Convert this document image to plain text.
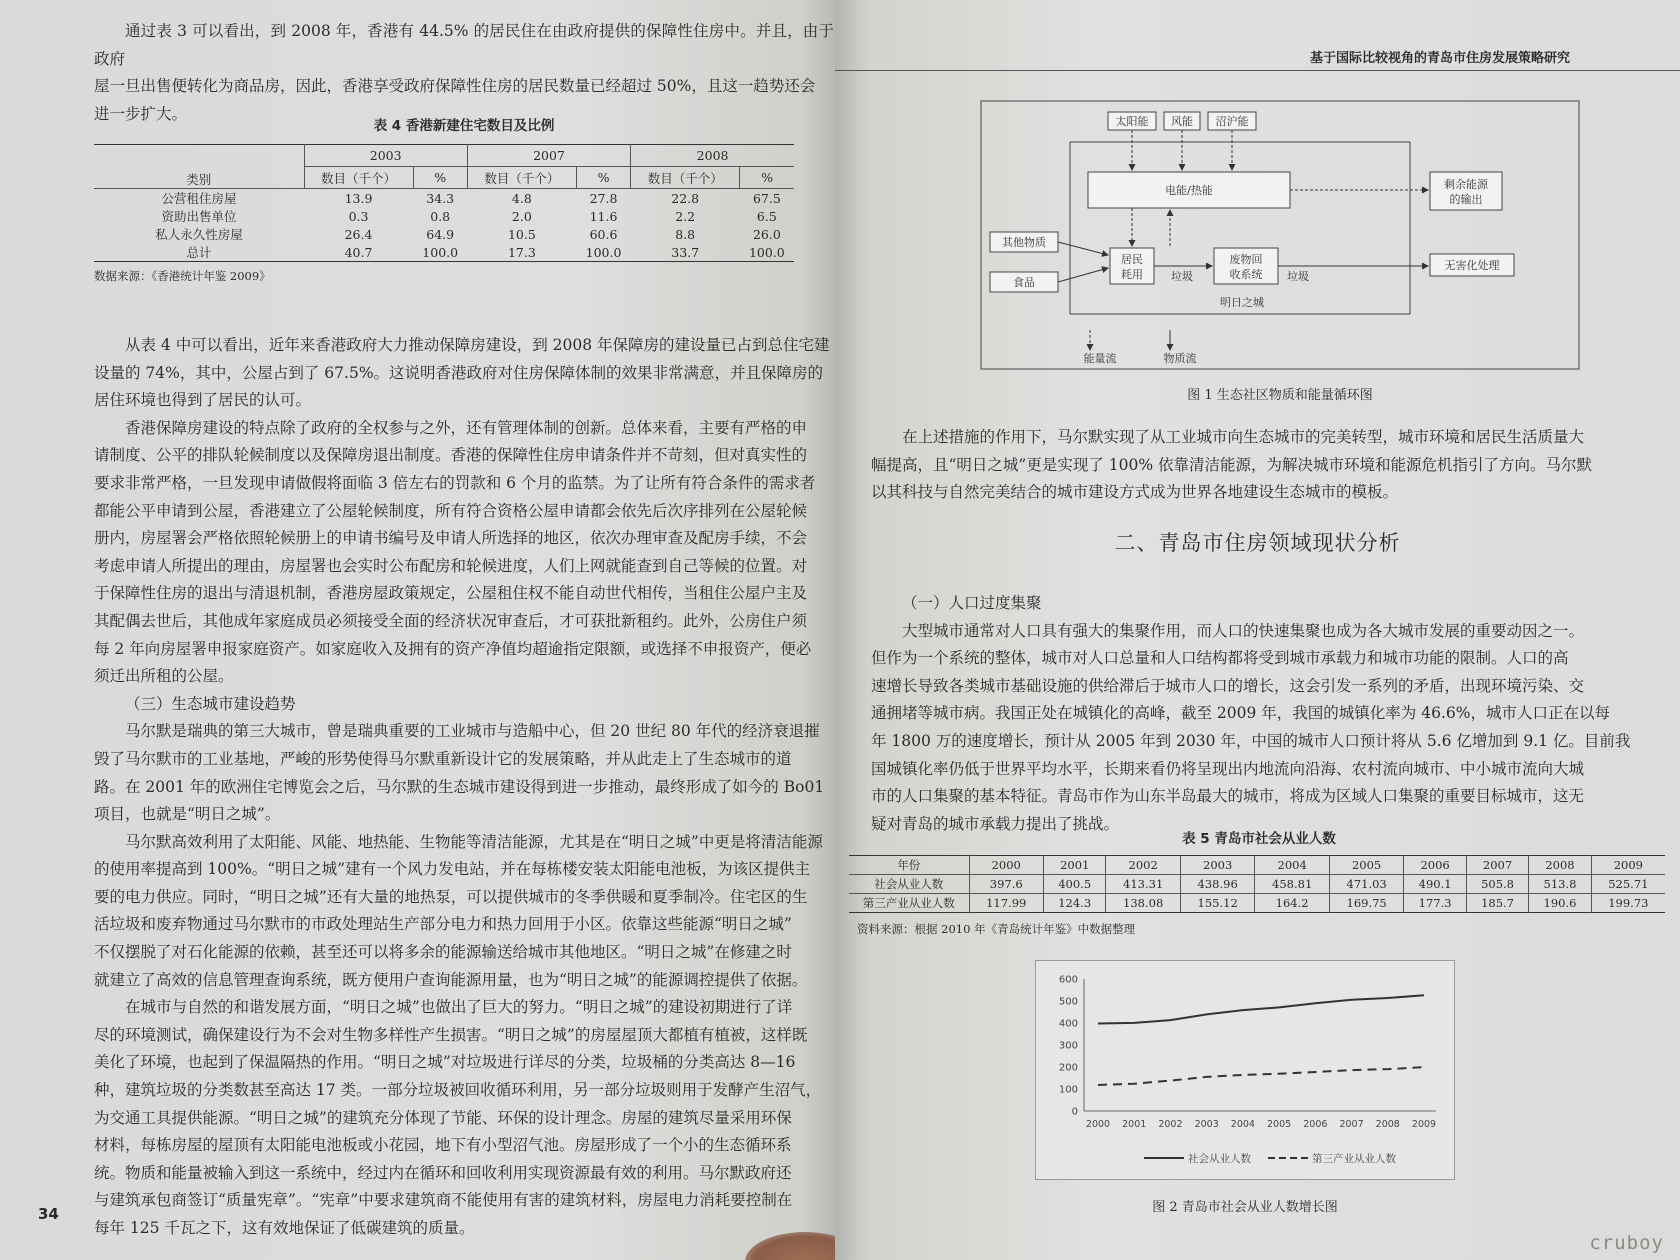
通过表 3 可以看出，到 2008 年，香港有 44.5% 的居民住在由政府提供的保障性住房中。并且，由于政府

屋一旦出售便转化为商品房，因此，香港享受政府保障性住房的居民数量已经超过 50%，且这一趋势还会

进一步扩大。

表 4 香港新建住宅数目及比例
类别	2003		2007		2008	
	数目（千个）	%	数目（千个）	%	数目（千个）	%
公营租住房屋	13.9	34.3	4.8	27.8	22.8	67.5
资助出售单位	0.3	0.8	2.0	11.6	2.2	6.5
私人永久性房屋	26.4	64.9	10.5	60.6	8.8	26.0
总计	40.7	100.0	17.3	100.0	33.7	100.0
数据来源：《香港统计年鉴 2009》

从表 4 中可以看出，近年来香港政府大力推动保障房建设，到 2008 年保障房的建设量已占到总住宅建

设量的 74%，其中，公屋占到了 67.5%。这说明香港政府对住房保障体制的效果非常满意，并且保障房的

居住环境也得到了居民的认可。

香港保障房建设的特点除了政府的全权参与之外，还有管理体制的创新。总体来看，主要有严格的申

请制度、公平的排队轮候制度以及保障房退出制度。香港的保障性住房申请条件并不苛刻，但对真实性的

要求非常严格，一旦发现申请做假将面临 3 倍左右的罚款和 6 个月的监禁。为了让所有符合条件的需求者

都能公平申请到公屋，香港建立了公屋轮候制度，所有符合资格公屋申请都会依先后次序排列在公屋轮候

册内，房屋署会严格依照轮候册上的申请书编号及申请人所选择的地区，依次办理审查及配房手续，不会

考虑申请人所提出的理由，房屋署也会实时公布配房和轮候进度，人们上网就能查到自己等候的位置。对

于保障性住房的退出与清退机制，香港房屋政策规定，公屋租住权不能自动世代相传，当租住公屋户主及

其配偶去世后，其他成年家庭成员必须接受全面的经济状况审查后，才可获批新租约。此外，公房住户须

每 2 年向房屋署申报家庭资产。如家庭收入及拥有的资产净值均超逾指定限额，或选择不申报资产，便必

须迁出所租的公屋。

（三）生态城市建设趋势

马尔默是瑞典的第三大城市，曾是瑞典重要的工业城市与造船中心，但 20 世纪 80 年代的经济衰退摧

毁了马尔默市的工业基地，严峻的形势使得马尔默重新设计它的发展策略，并从此走上了生态城市的道

路。在 2001 年的欧洲住宅博览会之后，马尔默的生态城市建设得到进一步推动，最终形成了如今的 Bo01

项目，也就是“明日之城”。

马尔默高效利用了太阳能、风能、地热能、生物能等清洁能源，尤其是在“明日之城”中更是将清洁能源

的使用率提高到 100%。“明日之城”建有一个风力发电站，并在每栋楼安装太阳能电池板，为该区提供主

要的电力供应。同时，“明日之城”还有大量的地热泵，可以提供城市的冬季供暖和夏季制冷。住宅区的生

活垃圾和废弃物通过马尔默市的市政处理站生产部分电力和热力回用于小区。依靠这些能源“明日之城”

不仅摆脱了对石化能源的依赖，甚至还可以将多余的能源输送给城市其他地区。“明日之城”在修建之时

就建立了高效的信息管理查询系统，既方便用户查询能源用量，也为“明日之城”的能源调控提供了依据。

在城市与自然的和谐发展方面，“明日之城”也做出了巨大的努力。“明日之城”的建设初期进行了详

尽的环境测试，确保建设行为不会对生物多样性产生损害。“明日之城”的房屋屋顶大都植有植被，这样既

美化了环境，也起到了保温隔热的作用。“明日之城”对垃圾进行详尽的分类，垃圾桶的分类高达 8—16

种，建筑垃圾的分类数甚至高达 17 类。一部分垃圾被回收循环利用，另一部分垃圾则用于发酵产生沼气，

为交通工具提供能源。“明日之城”的建筑充分体现了节能、环保的设计理念。房屋的建筑尽量采用环保

材料，每栋房屋的屋顶有太阳能电池板或小花园，地下有小型沼气池。房屋形成了一个小的生态循环系

统。物质和能量被输入到这一系统中，经过内在循环和回收利用实现资源最有效的利用。马尔默政府还

与建筑承包商签订“质量宪章”。“宪章”中要求建筑商不能使用有害的建筑材料，房屋电力消耗要控制在

每年 125 千瓦之下，这有效地保证了低碳建筑的质量。

34
基于国际比较视角的青岛市住房发展策略研究
太阳能 风能 沼沪能
电能/热能	剩余能源
的输出
其他物质
食品
居民
耗用	垃圾
废物回
收系统 垃圾
无害化处理
明日之城
能量流	物质流
图 1 生态社区物质和能量循环图

在上述措施的作用下，马尔默实现了从工业城市向生态城市的完美转型，城市环境和居民生活质量大

幅提高，且“明日之城”更是实现了 100% 依靠清洁能源，为解决城市环境和能源危机指引了方向。马尔默

以其科技与自然完美结合的城市建设方式成为世界各地建设生态城市的模板。

二、青岛市住房领域现状分析
（一）人口过度集聚

大型城市通常对人口具有强大的集聚作用，而人口的快速集聚也成为各大城市发展的重要动因之一。

但作为一个系统的整体，城市对人口总量和人口结构都将受到城市承载力和城市功能的限制。人口的高

速增长导致各类城市基础设施的供给滞后于城市人口的增长，这会引发一系列的矛盾，出现环境污染、交

通拥堵等城市病。我国正处在城镇化的高峰，截至 2009 年，我国的城镇化率为 46.6%，城市人口正在以每

年 1800 万的速度增长，预计从 2005 年到 2030 年，中国的城市人口预计将从 5.6 亿增加到 9.1 亿。目前我

国城镇化率仍低于世界平均水平，长期来看仍将呈现出内地流向沿海、农村流向城市、中小城市流向大城

市的人口集聚的基本特征。青岛市作为山东半岛最大的城市，将成为区域人口集聚的重要目标城市，这无

疑对青岛的城市承载力提出了挑战。

表 5 青岛市社会从业人数
年份	2000	2001	2002	2003	2004	2005	2006	2007	2008	2009
社会从业人数	397.6	400.5	413.31	438.96	458.81	471.03	490.1	505.8	513.8	525.71
第三产业从业人数	117.99	124.3	138.08	155.12	164.2	169.75	177.3	185.7	190.6	199.73
资料来源：根据 2010 年《青岛统计年鉴》中数据整理
0
100
200
300
400
500
600
2000 2001 2002 2003 2004 2005 2006 2007 2008 2009
社会从业人数	第三产业从业人数
图 2 青岛市社会从业人数增长图
cruboy
